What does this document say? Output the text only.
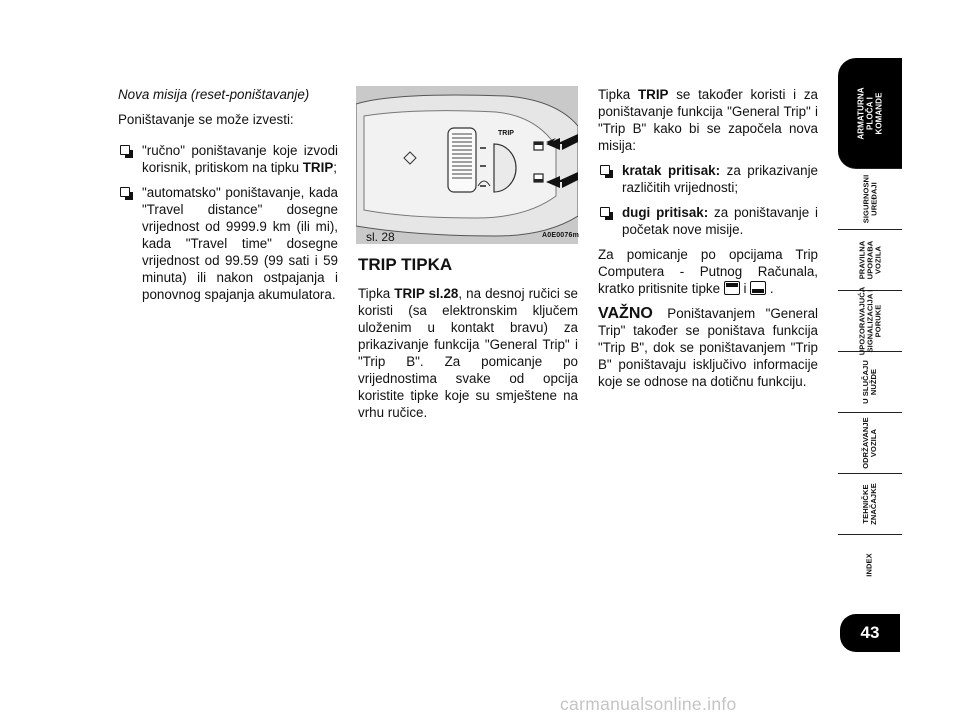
Nova misija (reset-poništavanje)

Poništavanje se može izvesti:

"ručno" poništavanje koje izvodi korisnik, pritiskom na tipku TRIP;
"automatsko" poništavanje, kada "Travel distance" dosegne vrijednost od 9999.9 km (ili mi), kada "Travel time" dosegne vrijednost od 99.59 (99 sati i 59 minuta) ili nakon ostpajanja i ponovnog spajanja akumulatora.
TRIP
sl. 28	A0E0076m
TRIP TIPKA

Tipka TRIP sl.28, na desnoj ručici se koristi (sa elektronskim ključem uloženim u kontakt bravu) za prikazivanje funkcija "General Trip" i "Trip B". Za pomicanje po vrijednostima svake od opcija koristite tipke koje su smještene na vrhu ručice.

Tipka TRIP se također koristi i za poništavanje funkcija "General Trip" i "Trip B" kako bi se započela nova misija:

kratak pritisak: za prikazivanje različitih vrijednosti;
dugi pritisak: za poništavanje i početak nove misije.

Za pomicanje po opcijama Trip Computera - Putnog Računala, kratko pritisnite tipke  i  .

VAŽNO Poništavanjem "General Trip" također se poništava funkcija "Trip B", dok se poništavanjem "Trip B" poništavaju isključivo informacije koje se odnose na dotičnu funkciju.

ARMATURNA
PLOČA I
KOMANDE
SIGURNOSNI
UREĐAJI
PRAVILNA
UPORABA
VOZILA
UPOZORAVAJUĆA
SIGNALIZACIJA I
PORUKE
U SLUČAJU
NUŽDE
ODRŽAVANJE
VOZILA
TEHNIČKE
ZNAČAJKE
INDEX
43
carmanualsonline.info
